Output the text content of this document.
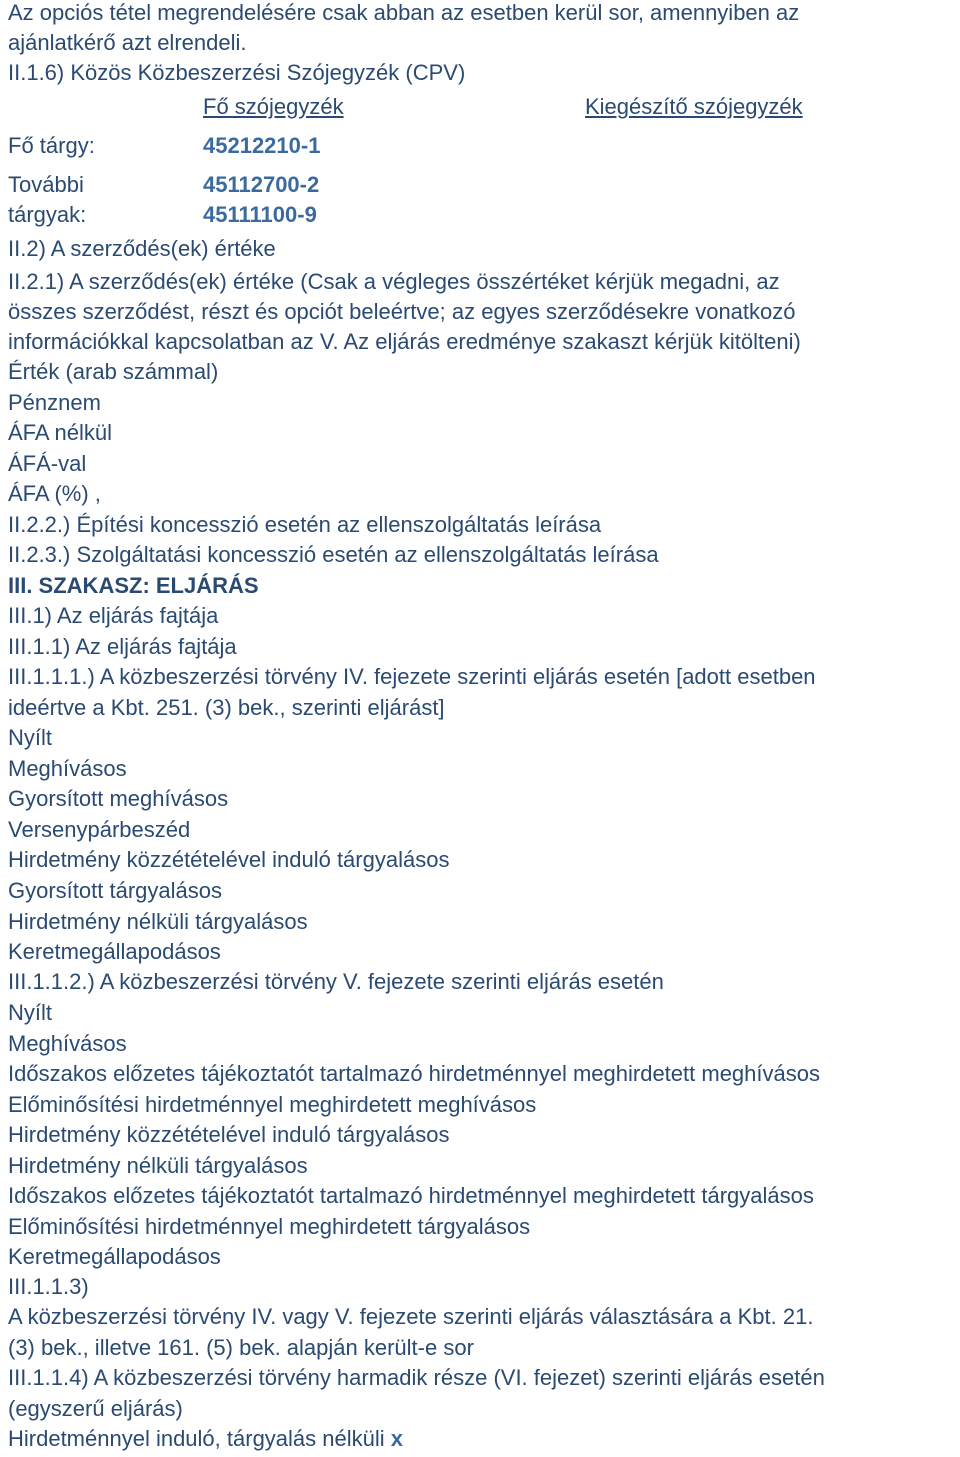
Az opciós tétel megrendelésére csak abban az esetben kerül sor, amennyiben az
ajánlatkérő azt elrendeli.
II.1.6) Közös Közbeszerzési Szójegyzék (CPV)
Fő szójegyzék	Kiegészítő szójegyzék
Fő tárgy:	45212210-1
További	45112700-2
tárgyak:	45111100-9
II.2) A szerződés(ek) értéke
II.2.1) A szerződés(ek) értéke (Csak a végleges összértéket kérjük megadni, az
összes szerződést, részt és opciót beleértve; az egyes szerződésekre vonatkozó
információkkal kapcsolatban az V. Az eljárás eredménye szakaszt kérjük kitölteni)
Érték (arab számmal)
Pénznem
ÁFA nélkül
ÁFÁ-val
ÁFA (%) ,
II.2.2.) Építési koncesszió esetén az ellenszolgáltatás leírása
II.2.3.) Szolgáltatási koncesszió esetén az ellenszolgáltatás leírása
III. SZAKASZ: ELJÁRÁS
III.1) Az eljárás fajtája
III.1.1) Az eljárás fajtája
III.1.1.1.) A közbeszerzési törvény IV. fejezete szerinti eljárás esetén [adott esetben
ideértve a Kbt. 251. (3) bek., szerinti eljárást]
Nyílt
Meghívásos
Gyorsított meghívásos
Versenypárbeszéd
Hirdetmény közzétételével induló tárgyalásos
Gyorsított tárgyalásos
Hirdetmény nélküli tárgyalásos
Keretmegállapodásos
III.1.1.2.) A közbeszerzési törvény V. fejezete szerinti eljárás esetén
Nyílt
Meghívásos
Időszakos előzetes tájékoztatót tartalmazó hirdetménnyel meghirdetett meghívásos
Előminősítési hirdetménnyel meghirdetett meghívásos
Hirdetmény közzétételével induló tárgyalásos
Hirdetmény nélküli tárgyalásos
Időszakos előzetes tájékoztatót tartalmazó hirdetménnyel meghirdetett tárgyalásos
Előminősítési hirdetménnyel meghirdetett tárgyalásos
Keretmegállapodásos
III.1.1.3)
A közbeszerzési törvény IV. vagy V. fejezete szerinti eljárás választására a Kbt. 21.
(3) bek., illetve 161. (5) bek. alapján került-e sor
III.1.1.4) A közbeszerzési törvény harmadik része (VI. fejezet) szerinti eljárás esetén
(egyszerű eljárás)
Hirdetménnyel induló, tárgyalás nélküli x
